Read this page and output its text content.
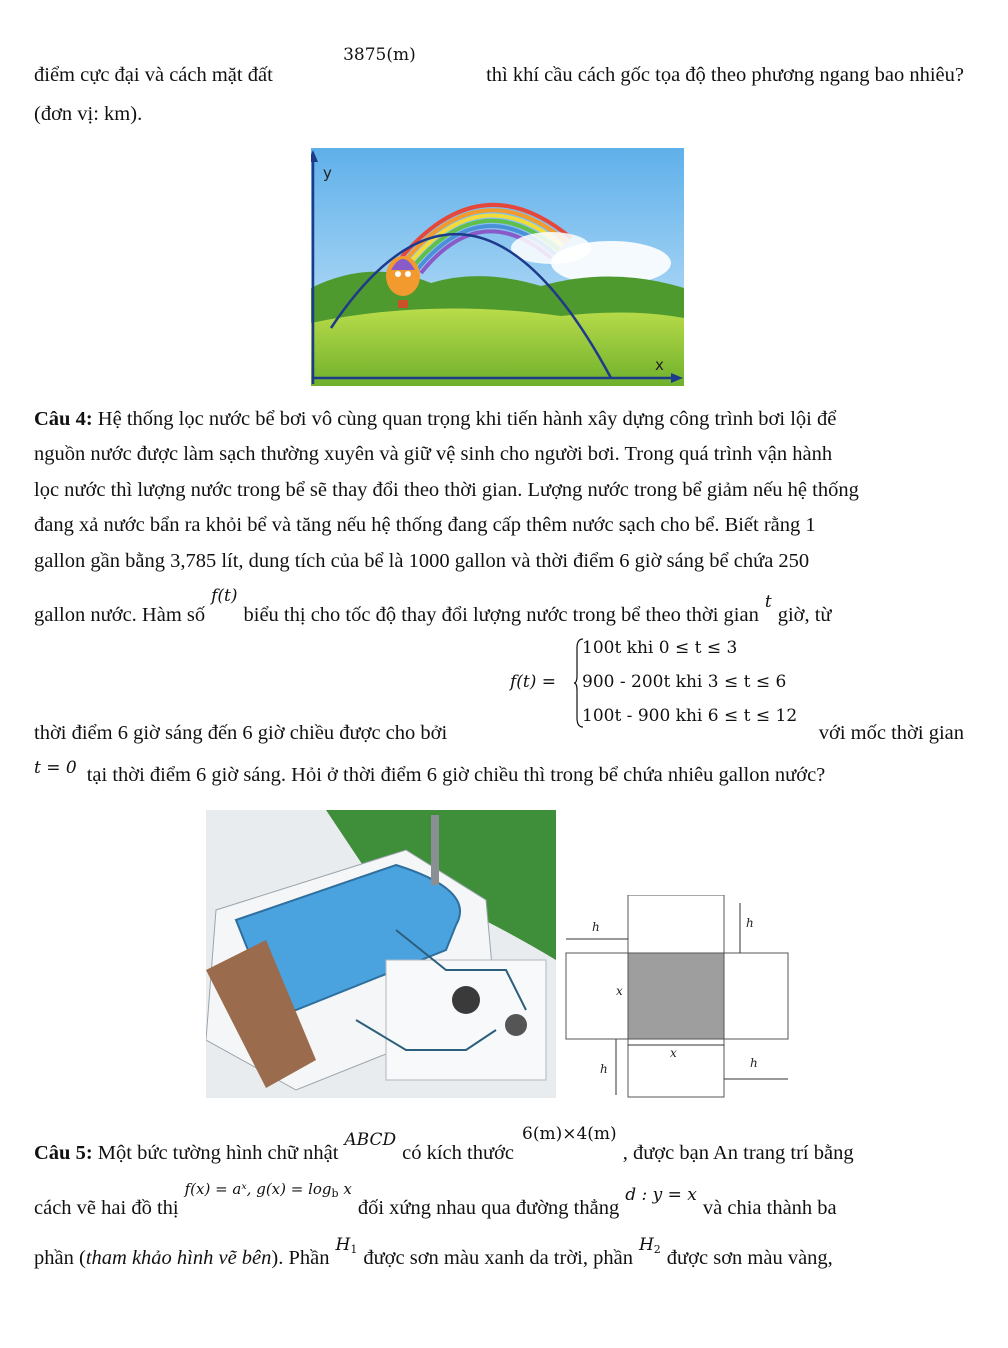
điểm cực đại và cách mặt đất
3875(m)
thì khí cầu cách gốc tọa độ theo phương ngang bao nhiêu?
(đơn vị: km).
y
x
Câu 4: Hệ thống lọc nước bể bơi vô cùng quan trọng khi tiến hành xây dựng công trình bơi lội để
nguồn nước được làm sạch thường xuyên và giữ vệ sinh cho người bơi. Trong quá trình vận hành
lọc nước thì lượng nước trong bể sẽ thay đổi theo thời gian. Lượng nước trong bể giảm nếu hệ thống
đang xả nước bẩn ra khỏi bể và tăng nếu hệ thống đang cấp thêm nước sạch cho bể. Biết rằng 1
gallon gần bằng 3,785 lít, dung tích của bể là 1000 gallon và thời điểm 6 giờ sáng bể chứa 250
gallon nước. Hàm số$^{f(t)}$biểu thị cho tốc độ thay đổi lượng nước trong bể theo thời gian$^t$giờ, từ
f(t) =
100t khi 0 ≤ t ≤ 3
900 - 200t khi 3 ≤ t ≤ 6
100t - 900 khi 6 ≤ t ≤ 12
thời điểm 6 giờ sáng đến 6 giờ chiều được cho bởi	với mốc thời gian
$^{t = 0}$ tại thời điểm 6 giờ sáng. Hỏi ở thời điểm 6 giờ chiều thì trong bể chứa nhiêu gallon nước?
h	h
x
x
h	h
Câu 5: Một bức tường hình chữ nhật$^{ABCD}$có kích thước$^{6(m)\times 4(m)}$, được bạn An trang trí bằng
cách vẽ hai đồ thị$^{f(x) = aˣ, g(x) = log_b x}$đối xứng nhau qua đường thẳng$^{d : y = x}$và chia thành ba
phần (tham khảo hình vẽ bên). Phần$^{H_1}$ được sơn màu xanh da trời, phần$^{H_2}$ được sơn màu vàng,
